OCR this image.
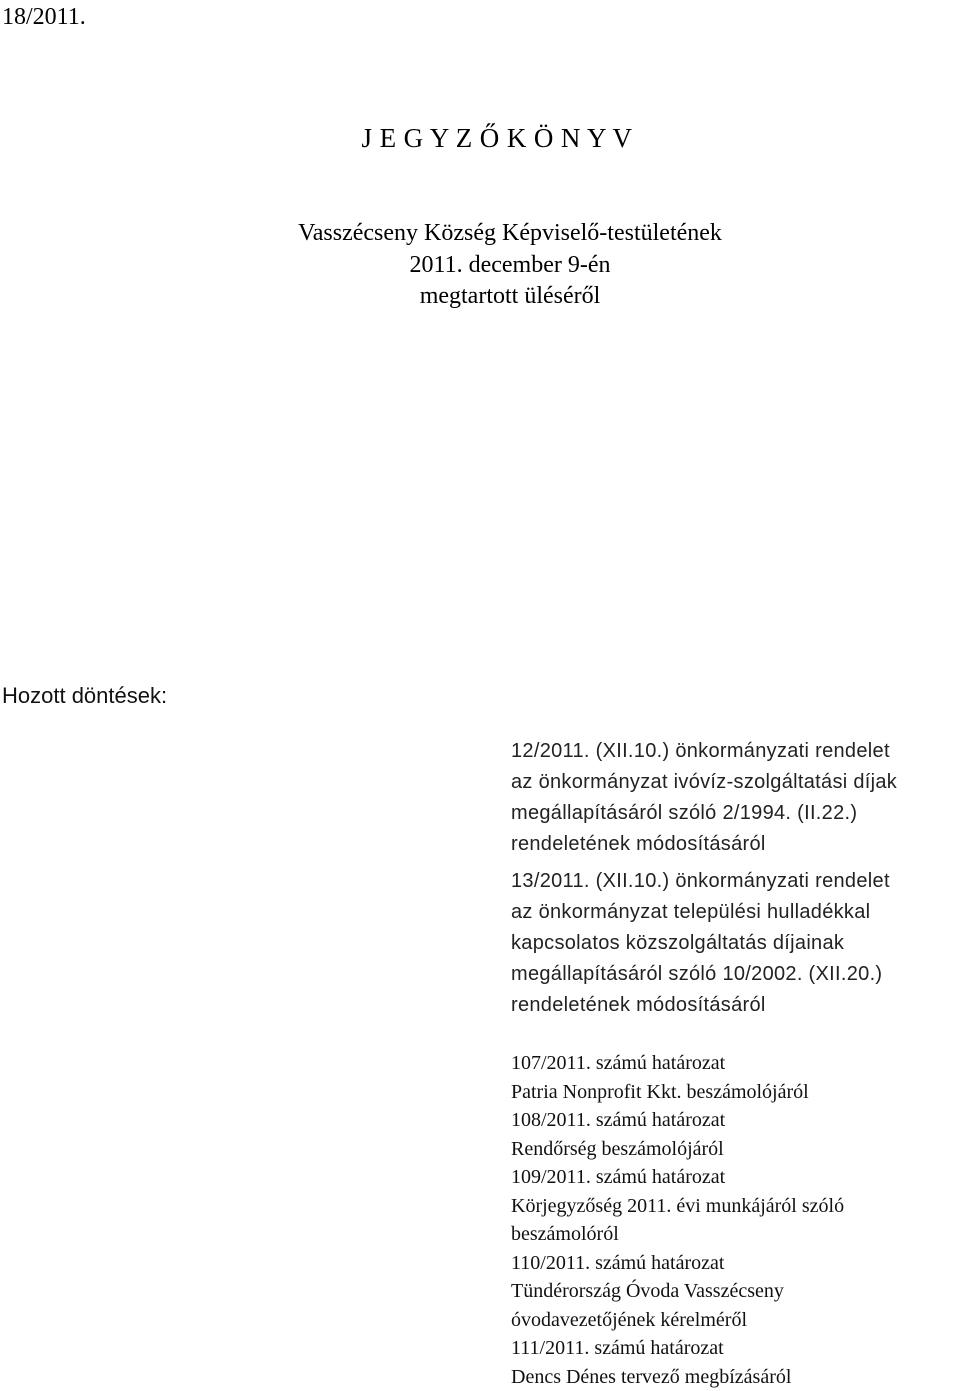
18/2011.
J E G Y Z Ő K Ö N Y V
Vasszécseny Község Képviselő-testületének
2011. december 9-én
megtartott üléséről
Hozott döntések:
12/2011. (XII.10.) önkormányzati rendelet
az önkormányzat ivóvíz-szolgáltatási díjak
megállapításáról szóló 2/1994. (II.22.)
rendeletének módosításáról
13/2011. (XII.10.) önkormányzati rendelet
az önkormányzat települési hulladékkal
kapcsolatos közszolgáltatás díjainak
megállapításáról szóló 10/2002. (XII.20.)
rendeletének módosításáról
107/2011. számú határozat
Patria Nonprofit Kkt. beszámolójáról
108/2011. számú határozat
Rendőrség beszámolójáról
109/2011. számú határozat
Körjegyzőség 2011. évi munkájáról szóló
beszámolóról
110/2011. számú határozat
Tündérország Óvoda Vasszécseny
óvodavezetőjének kérelméről
111/2011. számú határozat
Dencs Dénes tervező megbízásáról
